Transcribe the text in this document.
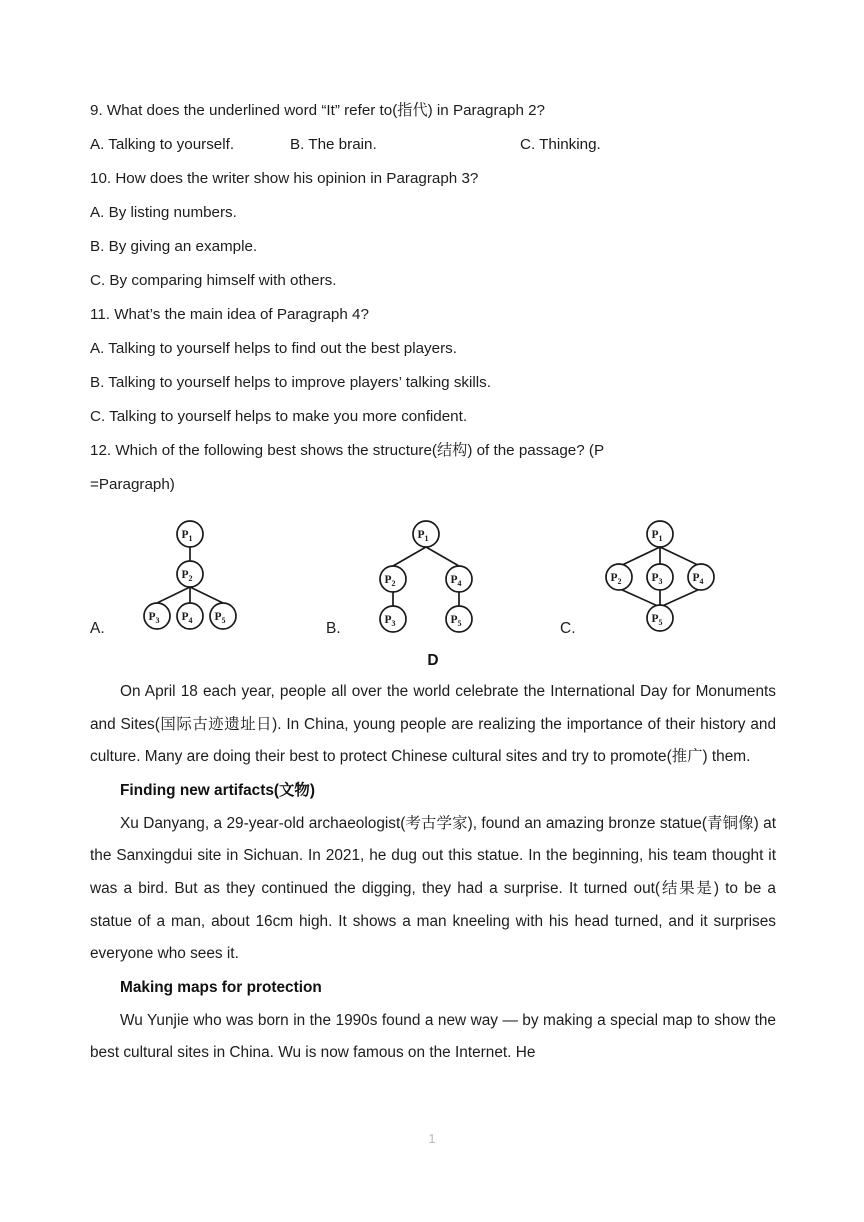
9. What does the underlined word “It” refer to(指代) in Paragraph 2?
A. Talking to yourself.	B. The brain.	C. Thinking.
10. How does the writer show his opinion in Paragraph 3?
A. By listing numbers.
B. By giving an example.
C. By comparing himself with others.
11. What’s the main idea of Paragraph 4?
A. Talking to yourself helps to find out the best players.
B. Talking to yourself helps to improve players’ talking skills.
C. Talking to yourself helps to make you more confident.
12. Which of the following best shows the structure(结构) of the passage? (P
=Paragraph)
A.
$P_1$
$P_2$
$P_3$ $P_4$ $P_5$	B.
$P_1$
$P_2$	$P_4$
$P_3$	$P_5$	C.
$P_1$
$P_2$	$P_3$	$P_4$
$P_5$
D

On April 18 each year, people all over the world celebrate the International Day for Monuments and Sites(国际古迹遗址日). In China, young people are realizing the importance of their history and culture. Many are doing their best to protect Chinese cultural sites and try to promote(推广) them.

Finding new artifacts(文物)

Xu Danyang, a 29-year-old archaeologist(考古学家), found an amazing bronze statue(青铜像) at the Sanxingdui site in Sichuan. In 2021, he dug out this statue. In the beginning, his team thought it was a bird. But as they continued the digging, they had a surprise. It turned out(结果是) to be a statue of a man, about 16cm high. It shows a man kneeling with his head turned, and it surprises everyone who sees it.

Making maps for protection

Wu Yunjie who was born in the 1990s found a new way — by making a special map to show the best cultural sites in China. Wu is now famous on the Internet. He

1
